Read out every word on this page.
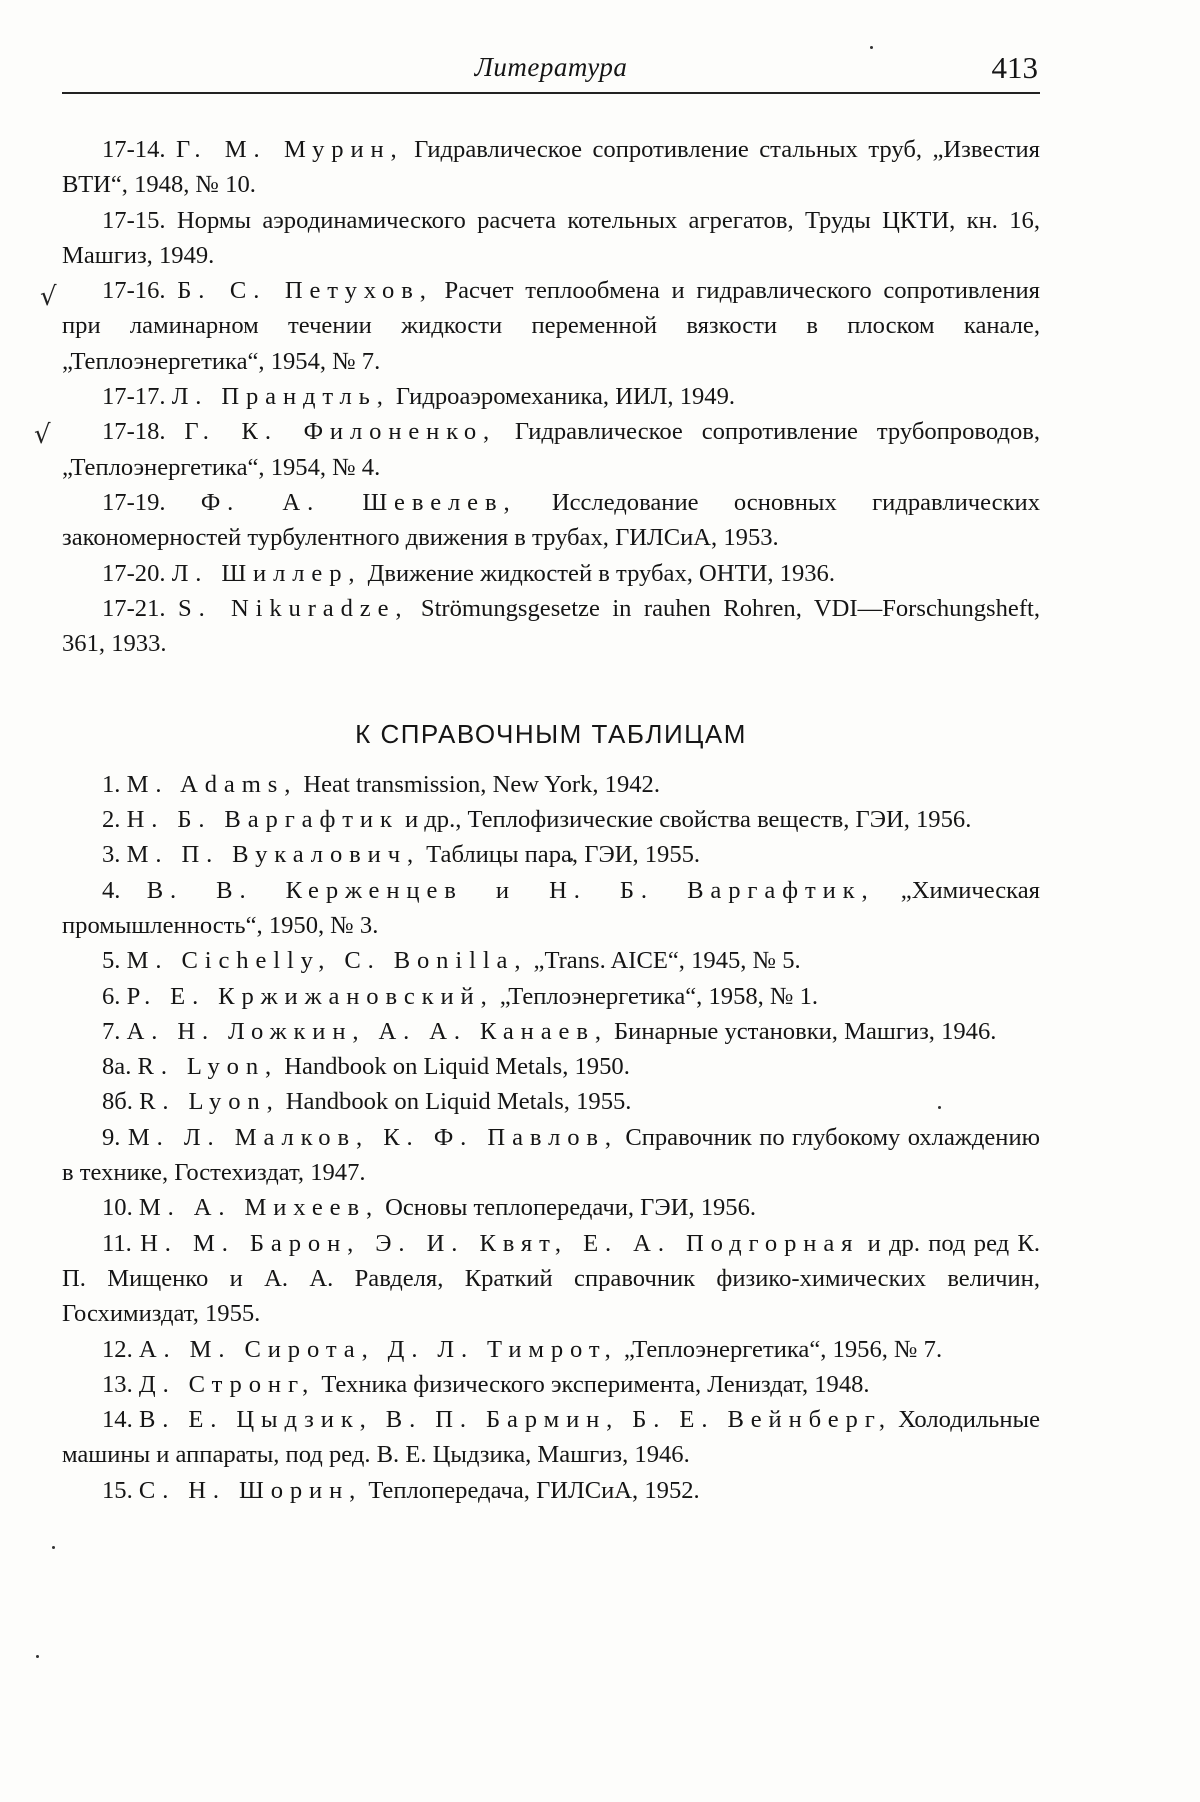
Литература	413
√
√

17-14. Г. М. Мурин, Гидравлическое сопротивление стальных труб, „Известия ВТИ“, 1948, № 10.

17-15. Нормы аэродинамического расчета котельных агрегатов, Труды ЦКТИ, кн. 16, Машгиз, 1949.

17-16. Б. С. Петухов, Расчет теплообмена и гидравлического сопротивления при ламинарном течении жидкости переменной вязкости в плоском канале, „Теплоэнергетика“, 1954, № 7.

17-17. Л. Прандтль, Гидроаэромеханика, ИИЛ, 1949.

17-18. Г. К. Филоненко, Гидравлическое сопротивление трубопроводов, „Теплоэнергетика“, 1954, № 4.

17-19. Ф. А. Шевелев, Исследование основных гидравлических закономерностей турбулентного движения в трубах, ГИЛСиА, 1953.

17-20. Л. Шиллер, Движение жидкостей в трубах, ОНТИ, 1936.

17-21. S. Nikuradze, Strömungsgesetze in rauhen Rohren, VDI—Forschungsheft, 361, 1933.

К СПРАВОЧНЫМ ТАБЛИЦАМ

1. M. Adams, Heat transmission, New York, 1942.

2. Н. Б. Варгафтик и др., Теплофизические свойства веществ, ГЭИ, 1956.

3. М. П. Вукалович, Таблицы пара, ГЭИ, 1955.

4. В. В. Керженцев и Н. Б. Варгафтик, „Химическая промышленность“, 1950, № 3.

5. M. Cichelly, C. Bonilla, „Trans. AICE“, 1945, № 5.

6. Р. Е. Кржижановский, „Теплоэнергетика“, 1958, № 1.

7. А. Н. Ложкин, А. А. Канаев, Бинарные установки, Машгиз, 1946.

8а. R. Lyon, Handbook on Liquid Metals, 1950.

8б. R. Lyon, Handbook on Liquid Metals, 1955.

9. М. Л. Малков, К. Ф. Павлов, Справочник по глубокому охлаждению в технике, Гостехиздат, 1947.

10. М. А. Михеев, Основы теплопередачи, ГЭИ, 1956.

11. Н. М. Барон, Э. И. Квят, Е. А. Подгорная и др. под ред К. П. Мищенко и А. А. Равделя, Краткий справочник физико-химических величин, Госхимиздат, 1955.

12. А. М. Сирота, Д. Л. Тимрот, „Теплоэнергетика“, 1956, № 7.

13. Д. Стронг, Техника физического эксперимента, Лениздат, 1948.

14. В. Е. Цыдзик, В. П. Бармин, Б. Е. Вейнберг, Холодильные машины и аппараты, под ред. В. Е. Цыдзика, Машгиз, 1946.

15. С. Н. Шорин, Теплопередача, ГИЛСиА, 1952.
